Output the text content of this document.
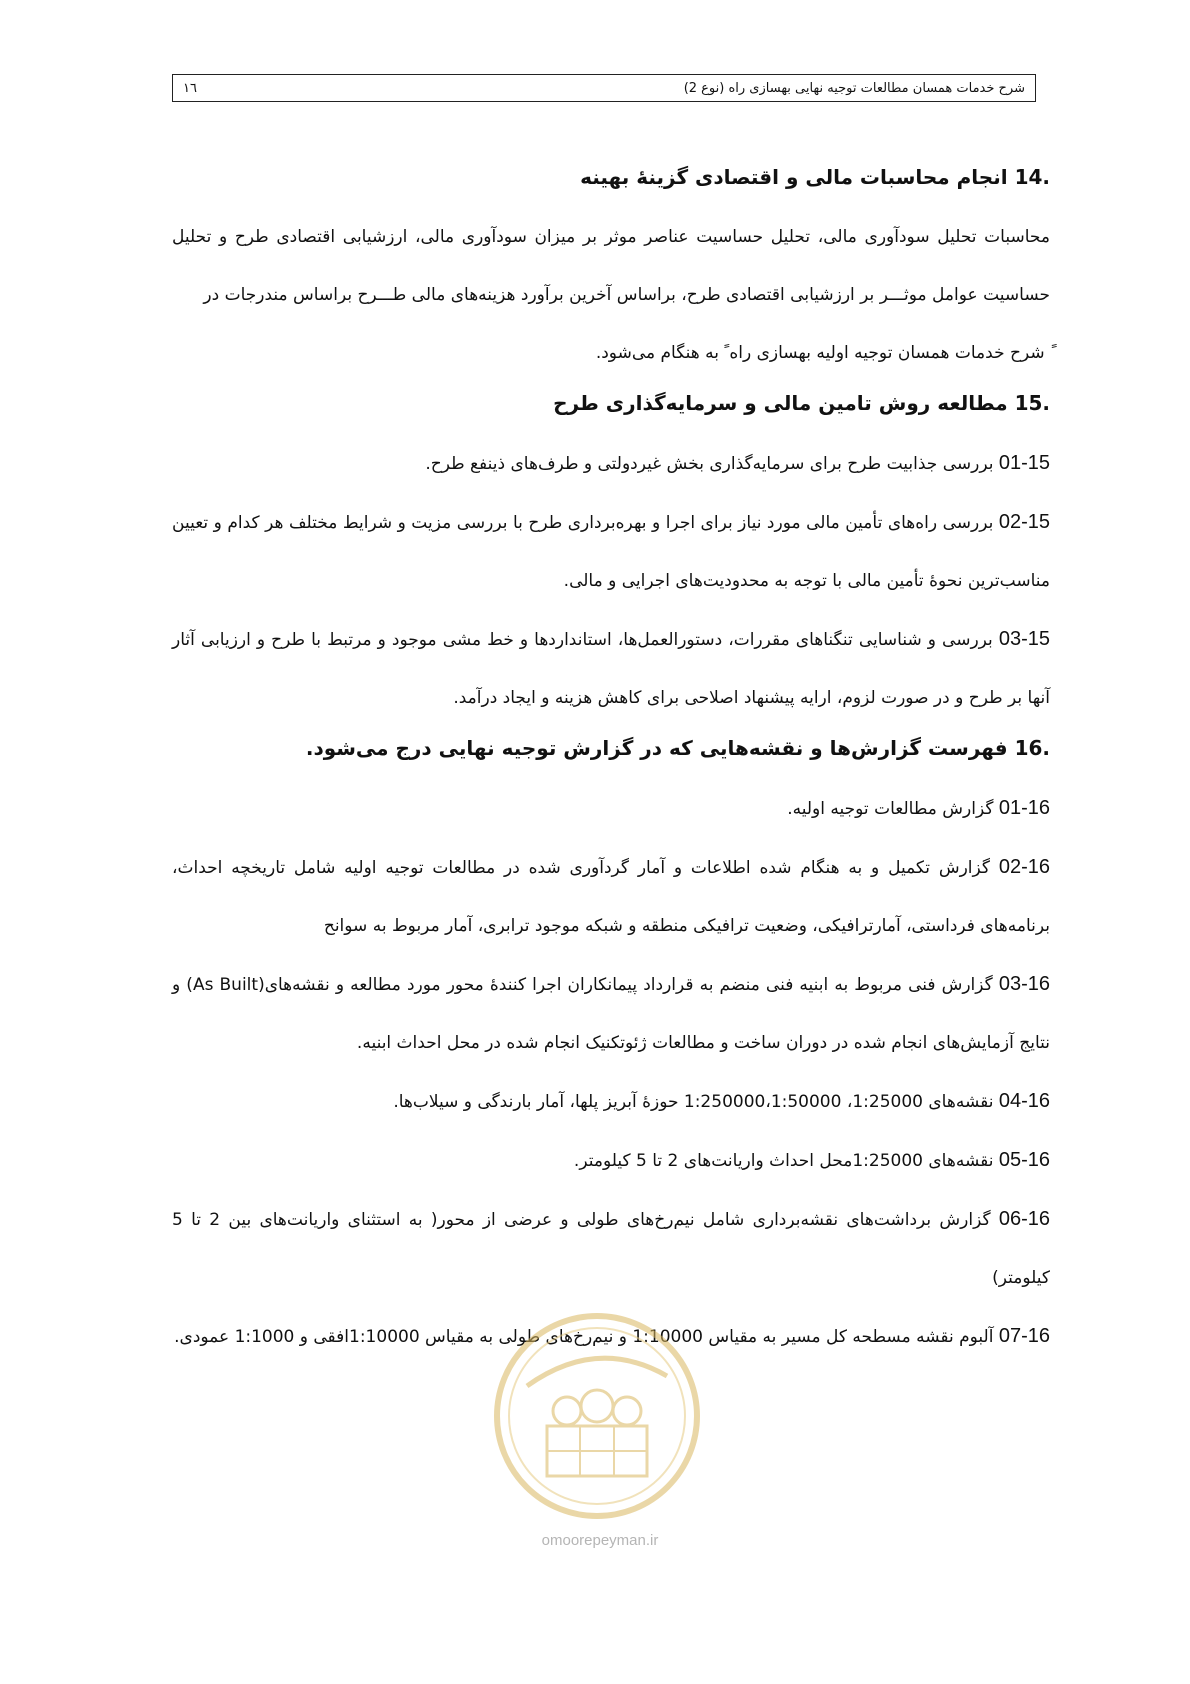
١٦	شرح خدمات همسان مطالعات توجیه نهایی بهسازی راه (نوع 2)
14. انجام محاسبات مالی و اقتصادی گزینهٔ بهینه

محاسبات تحلیل سودآوری مالی، تحلیل حساسیت عناصر موثر بر میزان سودآوری مالی، ارزشیابی اقتصادی طرح و تحلیل حساسیت عوامل موثـــر بر ارزشیابی اقتصادی طرح، براساس آخرین برآورد هزینه‌های مالی طـــرح براساس مندرجات در

ً شرح خدمات همسان توجیه اولیه بهسازی راه ً به هنگام می‌شود.

15. مطالعه روش تامین مالی و سرمایه‌گذاری طرح

01-15 بررسی جذابیت طرح برای سرمایه‌گذاری بخش غیردولتی و طرف‌های ذینفع طرح.

02-15 بررسی راه‌های تأمین مالی مورد نیاز برای اجرا و بهره‌برداری طرح با بررسی مزیت و شرایط مختلف هر کدام و تعیین مناسب‌ترین نحوهٔ تأمین مالی با توجه به محدودیت‌های اجرایی و مالی.

03-15 بررسی و شناسایی تنگناهای مقررات، دستورالعمل‌ها، استانداردها و خط مشی موجود و مرتبط با طرح و ارزیابی آثار آنها بر طرح و در صورت لزوم، ارایه پیشنهاد اصلاحی برای کاهش هزینه و ایجاد درآمد.

16. فهرست گزارش‌ها و نقشه‌هایی که در گزارش توجیه نهایی درج می‌شود.

01-16 گزارش مطالعات توجیه اولیه.

02-16 گزارش تکمیل و به هنگام شده اطلاعات و آمار گردآوری شده در مطالعات توجیه اولیه شامل تاریخچه احداث، برنامه‌های فرداستی، آمارترافیکی، وضعیت ترافیکی منطقه و شبکه موجود ترابری، آمار مربوط به سوانح

03-16 گزارش فنی مربوط به ابنیه فنی منضم به قرارداد پیمانکاران اجرا کنندهٔ محور مورد مطالعه و نقشه‌های(As Built) و نتایج آزمایش‌های انجام شده در دوران ساخت و مطالعات ژئوتکنیک انجام شده در محل احداث ابنیه.

04-16 نقشه‌های 1:25000، 1:250000،1:50000 حوزهٔ آبریز پلها، آمار بارندگی و سیلاب‌ها.

05-16 نقشه‌های 1:25000محل احداث واریانت‌های 2 تا 5 کیلومتر.

06-16 گزارش برداشت‌های نقشه‌برداری شامل نیم‌رخ‌های طولی و عرضی از محور( به استثنای واریانت‌های بین 2 تا 5 کیلومتر)

07-16 آلبوم نقشه مسطحه کل مسیر به مقیاس 1:10000 و نیم‌رخ‌های طولی به مقیاس 1:10000افقی و 1:1000 عمودی.

omoorepeyman.ir
